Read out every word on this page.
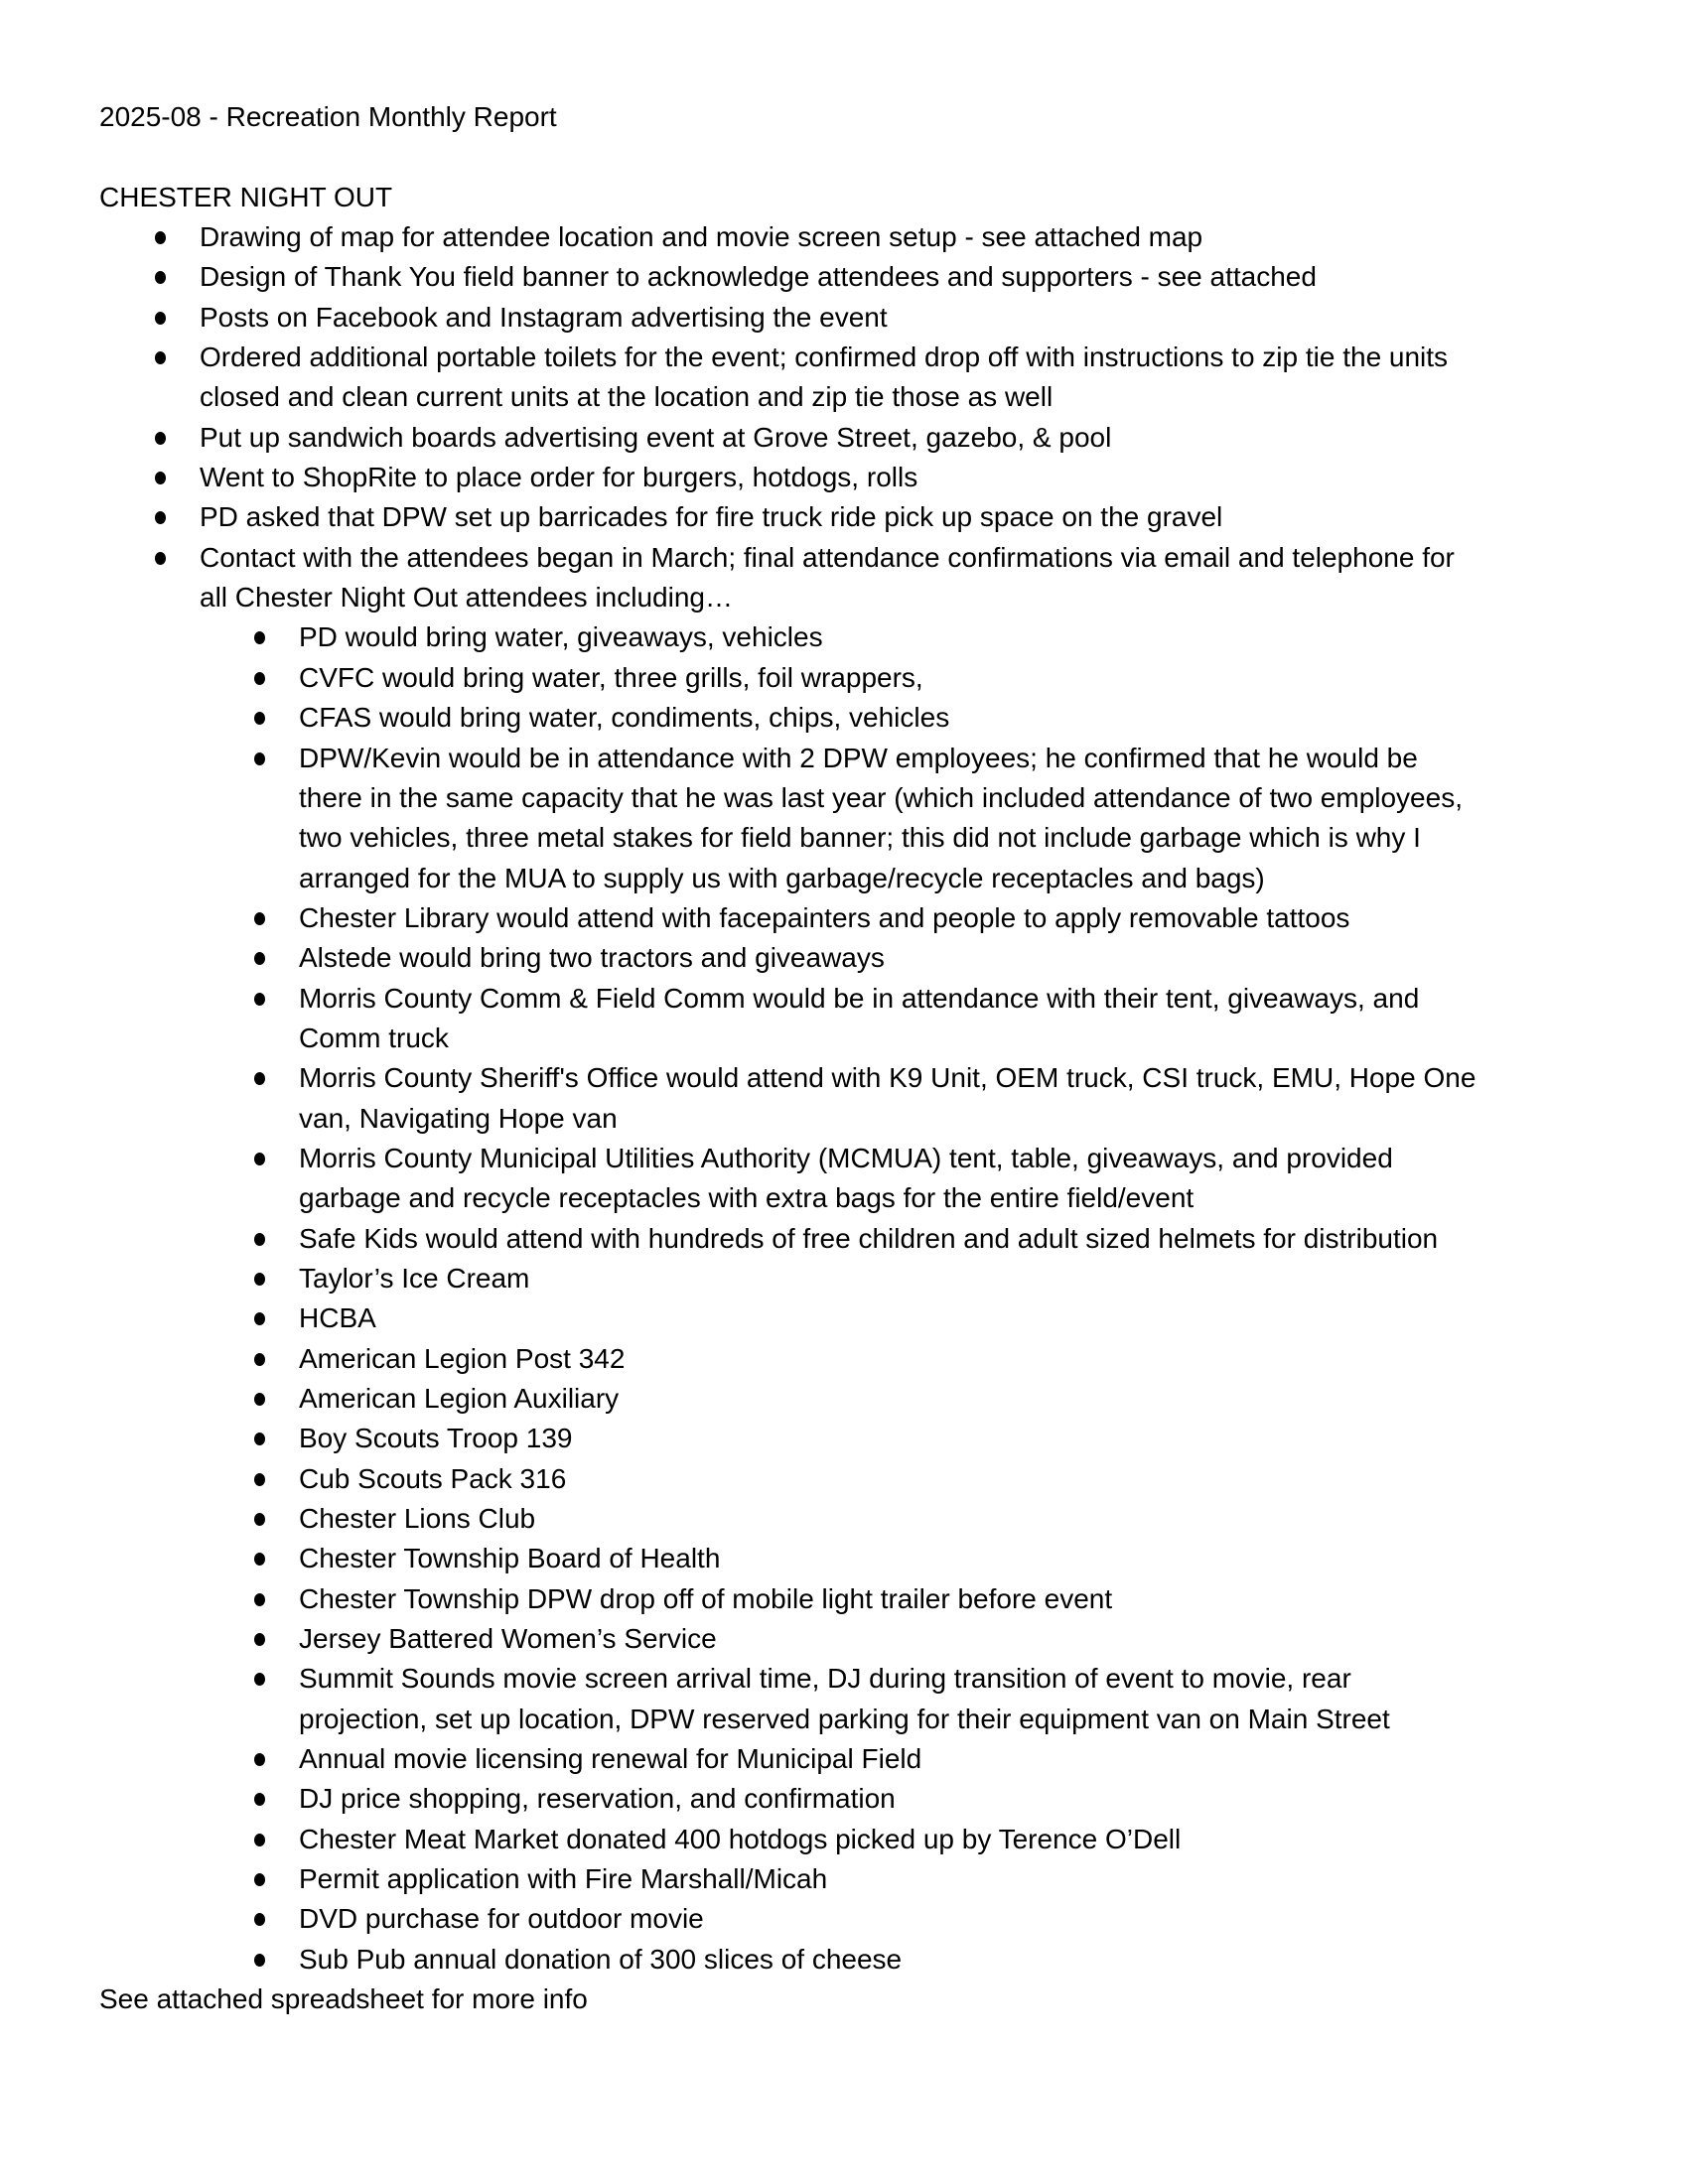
2025-08 - Recreation Monthly Report
CHESTER NIGHT OUT
Drawing of map for attendee location and movie screen setup - see attached map
Design of Thank You field banner to acknowledge attendees and supporters - see attached
Posts on Facebook and Instagram advertising the event
Ordered additional portable toilets for the event; confirmed drop off with instructions to zip tie the units
closed and clean current units at the location and zip tie those as well
Put up sandwich boards advertising event at Grove Street, gazebo, & pool
Went to ShopRite to place order for burgers, hotdogs, rolls
PD asked that DPW set up barricades for fire truck ride pick up space on the gravel
Contact with the attendees began in March; final attendance confirmations via email and telephone for
all Chester Night Out attendees including…
PD would bring water, giveaways, vehicles
CVFC would bring water, three grills, foil wrappers,
CFAS would bring water, condiments, chips, vehicles
DPW/Kevin would be in attendance with 2 DPW employees; he confirmed that he would be
there in the same capacity that he was last year (which included attendance of two employees,
two vehicles, three metal stakes for field banner; this did not include garbage which is why I
arranged for the MUA to supply us with garbage/recycle receptacles and bags)
Chester Library would attend with facepainters and people to apply removable tattoos
Alstede would bring two tractors and giveaways
Morris County Comm & Field Comm would be in attendance with their tent, giveaways, and
Comm truck
Morris County Sheriff's Office would attend with K9 Unit, OEM truck, CSI truck, EMU, Hope One
van, Navigating Hope van
Morris County Municipal Utilities Authority (MCMUA) tent, table, giveaways, and provided
garbage and recycle receptacles with extra bags for the entire field/event
Safe Kids would attend with hundreds of free children and adult sized helmets for distribution
Taylor’s Ice Cream
HCBA
American Legion Post 342
American Legion Auxiliary
Boy Scouts Troop 139
Cub Scouts Pack 316
Chester Lions Club
Chester Township Board of Health
Chester Township DPW drop off of mobile light trailer before event
Jersey Battered Women’s Service
Summit Sounds movie screen arrival time, DJ during transition of event to movie, rear
projection, set up location, DPW reserved parking for their equipment van on Main Street
Annual movie licensing renewal for Municipal Field
DJ price shopping, reservation, and confirmation
Chester Meat Market donated 400 hotdogs picked up by Terence O’Dell
Permit application with Fire Marshall/Micah
DVD purchase for outdoor movie
Sub Pub annual donation of 300 slices of cheese
See attached spreadsheet for more info
